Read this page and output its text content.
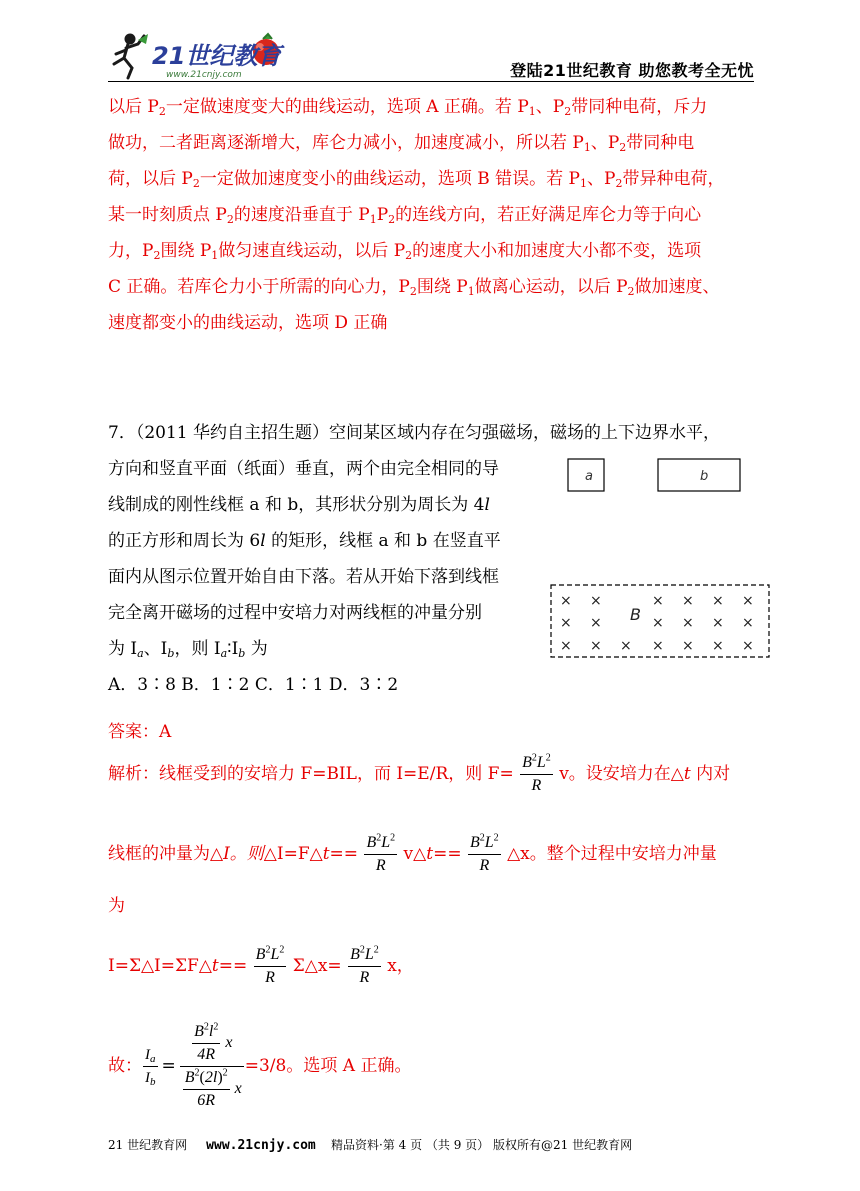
21世纪教育
www.21cnjy.com	登陆21世纪教育 助您教考全无忧
以后 $P_2$一定做速度变大的曲线运动，选项 A 正确。若 $P_1$、$P_2$带同种电荷，斥力
做功，二者距离逐渐增大，库仑力减小，加速度减小，所以若 $P_1$、$P_2$带同种电
荷，以后 $P_2$一定做加速度变小的曲线运动，选项 B 错误。若 $P_1$、$P_2$带异种电荷，
某一时刻质点 $P_2$的速度沿垂直于 $P_1P_2$的连线方向，若正好满足库仑力等于向心
力，$P_2$围绕 $P_1$做匀速直线运动，以后 $P_2$的速度大小和加速度大小都不变，选项
C 正确。若库仑力小于所需的向心力，$P_2$围绕 $P_1$做离心运动，以后 $P_2$做加速度、
速度都变小的曲线运动，选项 D 正确
7．（2011 华约自主招生题）空间某区域内存在匀强磁场，磁场的上下边界水平，
方向和竖直平面（纸面）垂直，两个由完全相同的导
线制成的刚性线框 a 和 b，其形状分别为周长为 4l
的正方形和周长为 6l 的矩形，线框 a 和 b 在竖直平
面内从图示位置开始自由下落。若从开始下落到线框
完全离开磁场的过程中安培力对两线框的冲量分别
为 $I_a$、$I_b$，则 $I_a∶I_b$ 为
A．3∶8 B．1∶2 C．1∶1 D．3∶2
a	b
× ×	× × × ×
× ×	× × × ×
× × × × × × ×
B
答案：A
解析：线框受到的安培力 F=BIL，而 I=E/R，则 $F= \frac{B^2L^2}{R}$ v。设安培力在△t 内对
线框的冲量为△I。则△I=F△t== $\frac{B^2L^2}{R}$ v△t== $\frac{B^2L^2}{R}$ △x。整个过程中安培力冲量
为
I=Σ△I=ΣF△t== $\frac{B^2L^2}{R}$ Σ△x= $\frac{B^2L^2}{R}$ x，
故： $\frac{I_a}{I_b} = \frac{\frac{B^2l^2}{4R} x}{\frac{B^2(2l)^2}{6R} x} =3/8$。选项 A 正确。
21 世纪教育网 www.21cnjy.com 精品资料·第 4 页 （共 9 页） 版权所有@21 世纪教育网
